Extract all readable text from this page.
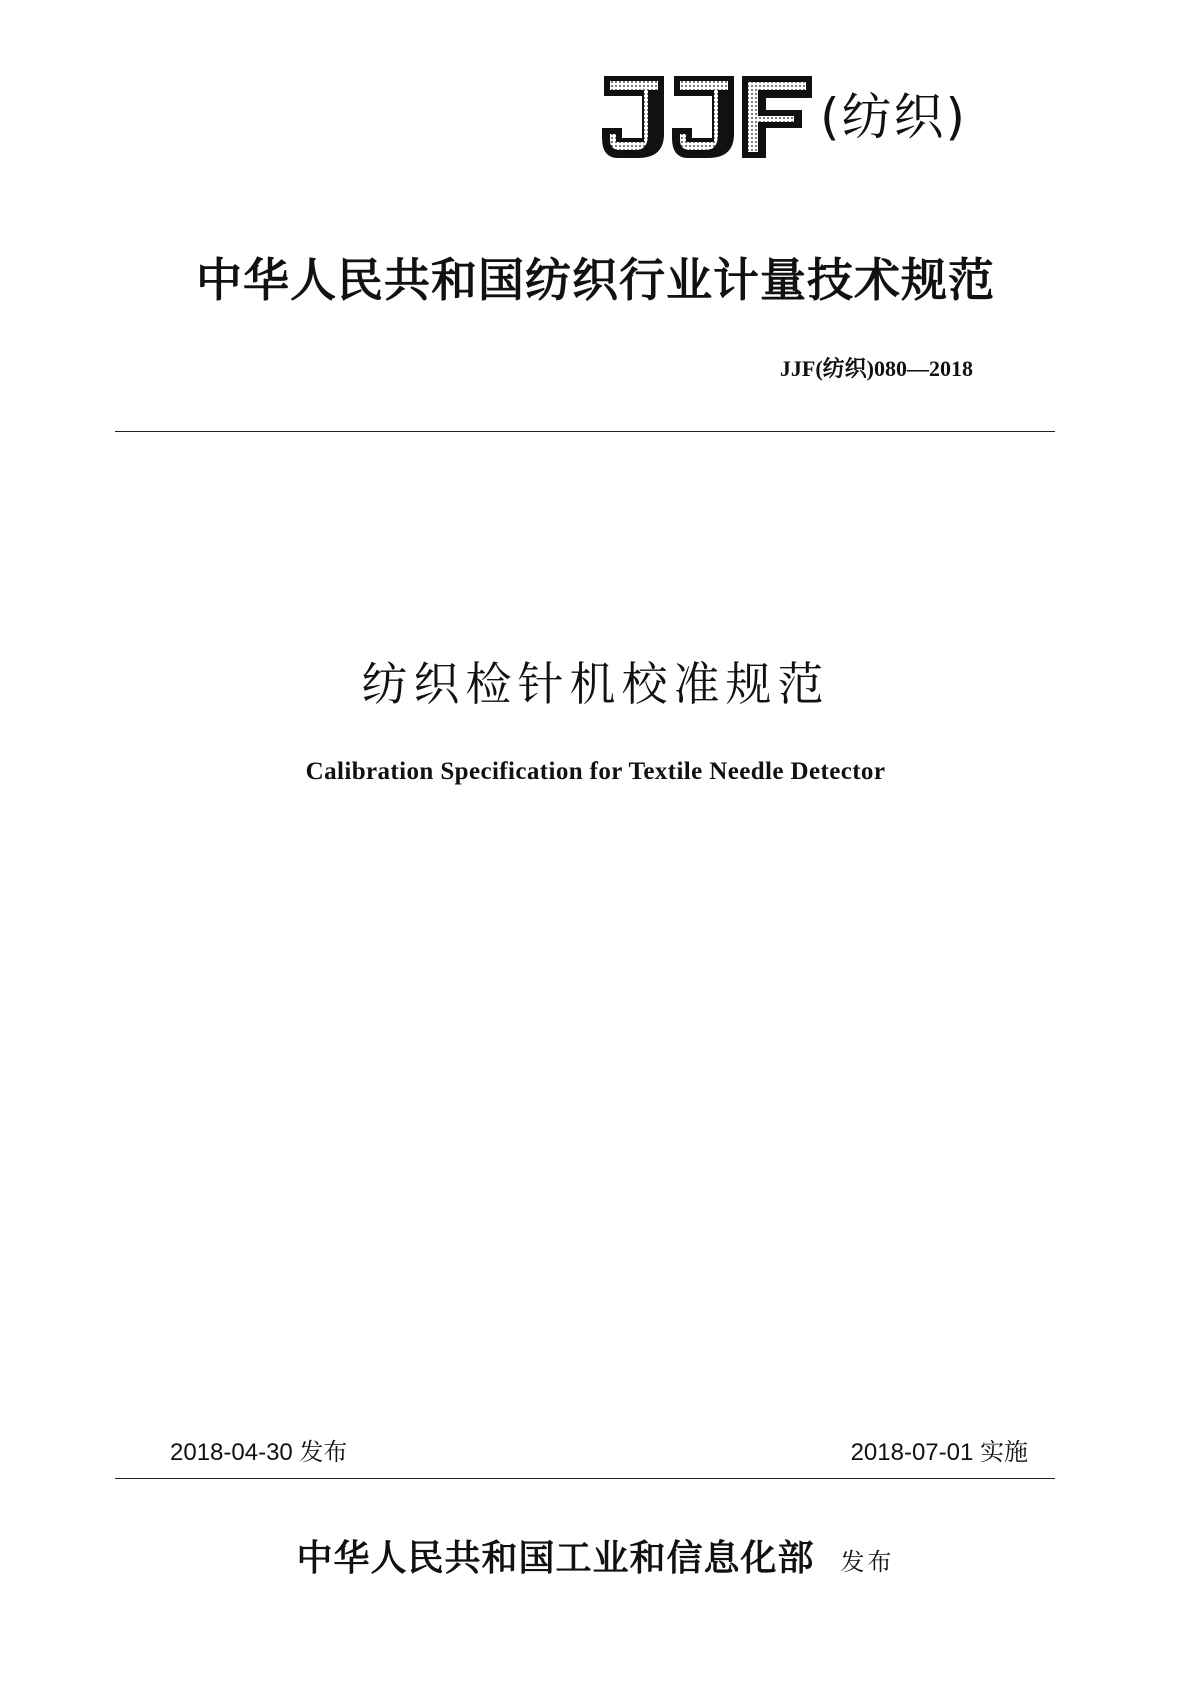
(纺织)
中华人民共和国纺织行业计量技术规范
JJF(纺织)080—2018
纺织检针机校准规范
Calibration Specification for Textile Needle Detector
2018-04-30 发布	2018-07-01 实施
中华人民共和国工业和信息化部 发布
